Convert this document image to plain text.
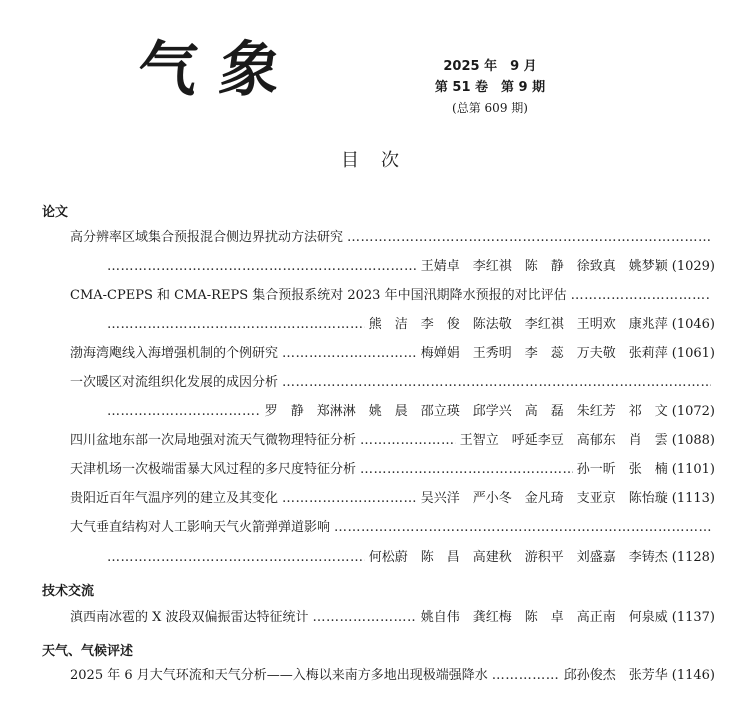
气象	2025 年　9 月
第 51 卷　第 9 期
(总第 609 期)
目次
论文
高分辨率区域集合预报混合侧边界扰动方法研究
……………………………………………………………………………………………………………………………………………………
……………………………………………………………………………………………………………………………………………………
王婧卓　李红祺　陈　静　徐致真　姚梦颖 (1029)
CMA-CPEPS 和 CMA-REPS 集合预报系统对 2023 年中国汛期降水预报的对比评估
……………………………………………………………………………………………………………………………………………………
……………………………………………………………………………………………………………………………………………………
熊　洁　李　俊　陈法敬　李红祺　王明欢　康兆萍 (1046)
渤海湾飑线入海增强机制的个例研究 ……………………………………………………………………………………………………………………………………………………	梅婵娟　王秀明　李　蕊　万夫敬　张莉萍 (1061)
一次暖区对流组织化发展的成因分析
……………………………………………………………………………………………………………………………………………………
……………………………………………………………………………………………………………………………………………………
罗　静　郑淋淋　姚　晨　邵立瑛　邱学兴　高　磊　朱红芳　祁　文 (1072)
四川盆地东部一次局地强对流天气微物理特征分析 ……………………………………………………………………………………………………………………………………………………	王智立　呼延李豆　高郁东　肖　雲 (1088)
天津机场一次极端雷暴大风过程的多尺度特征分析 ……………………………………………………………………………………………………………………………………………………	孙一昕　张　楠 (1101)
贵阳近百年气温序列的建立及其变化 ……………………………………………………………………………………………………………………………………………………	吴兴洋　严小冬　金凡琦　支亚京　陈怡璇 (1113)
大气垂直结构对人工影响天气火箭弹弹道影响
……………………………………………………………………………………………………………………………………………………
……………………………………………………………………………………………………………………………………………………
何松蔚　陈　昌　高建秋　游积平　刘盛嘉　李铸杰 (1128)
技术交流
滇西南冰雹的 X 波段双偏振雷达特征统计 ……………………………………………………………………………………………………………………………………………………	姚自伟　龚红梅　陈　卓　高正南　何泉威 (1137)
天气、气候评述
2025 年 6 月大气环流和天气分析——入梅以来南方多地出现极端强降水 ……………………………………………………………………………………………………………………………………………………	邱孙俊杰　张芳华 (1146)
